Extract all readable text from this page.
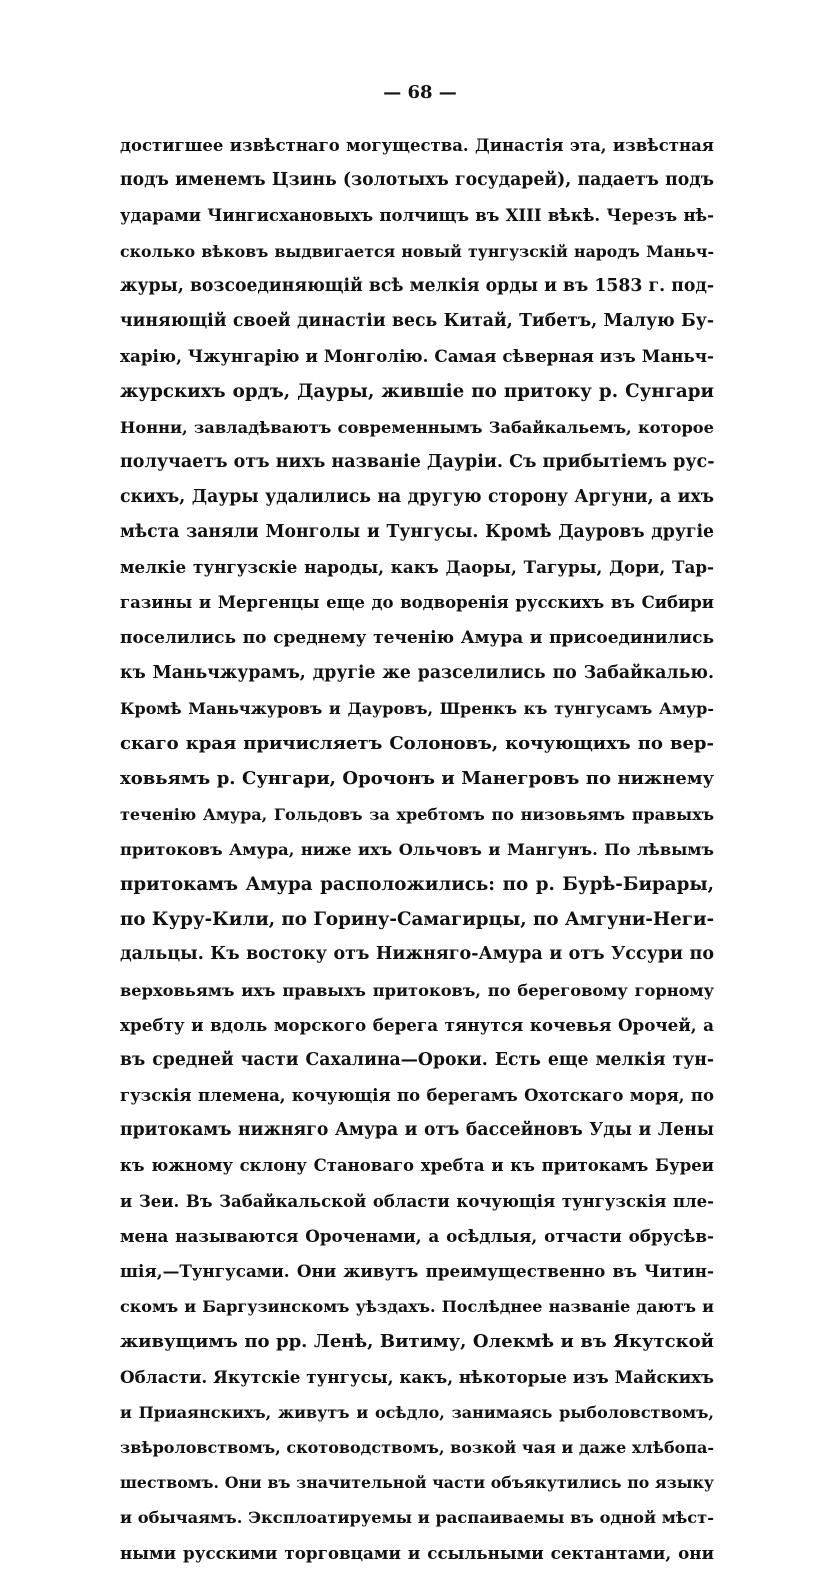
— 68 —
достигшее извѣстнаго могущества. Династія эта, извѣстная
подъ именемъ Цзинь (золотыхъ государей), падаетъ подъ
ударами Чингисхановыхъ полчищъ въ XIII вѣкѣ. Черезъ нѣ-
сколько вѣковъ выдвигается новый тунгузскій народъ Маньч-
журы, возсоединяющій всѣ мелкія орды и въ 1583 г. под-
чиняющій своей династіи весь Китай, Тибетъ, Малую Бу-
харію, Чжунгарію и Монголію. Самая сѣверная изъ Маньч-
журскихъ ордъ, Дауры, жившіе по притоку р. Сунгари
Нонни, завладѣваютъ современнымъ Забайкальемъ, которое
получаетъ отъ нихъ названіе Дауріи. Съ прибытіемъ рус-
скихъ, Дауры удалились на другую сторону Аргуни, а ихъ
мѣста заняли Монголы и Тунгусы. Кромѣ Дауровъ другіе
мелкіе тунгузскіе народы, какъ Даоры, Тагуры, Дори, Тар-
газины и Мергенцы еще до водворенія русскихъ въ Сибири
поселились по среднему теченію Амура и присоединились
къ Маньчжурамъ, другіе же разселились по Забайкалью.
Кромѣ Маньчжуровъ и Дауровъ, Шренкъ къ тунгусамъ Амур-
скаго края причисляетъ Солоновъ, кочующихъ по вер-
ховьямъ р. Сунгари, Орочонъ и Манегровъ по нижнему
теченію Амура, Гольдовъ за хребтомъ по низовьямъ правыхъ
притоковъ Амура, ниже ихъ Ольчовъ и Мангунъ. По лѣвымъ
притокамъ Амура расположились: по р. Бурѣ-Бирары,
по Куру-Кили, по Горину-Самагирцы, по Амгуни-Неги-
дальцы. Къ востоку отъ Нижняго-Амура и отъ Уссури по
верховьямъ ихъ правыхъ притоковъ, по береговому горному
хребту и вдоль морского берега тянутся кочевья Орочей, а
въ средней части Сахалина—Ороки. Есть еще мелкія тун-
гузскія племена, кочующія по берегамъ Охотскаго моря, по
притокамъ нижняго Амура и отъ бассейновъ Уды и Лены
къ южному склону Становаго хребта и къ притокамъ Буреи
и Зеи. Въ Забайкальской области кочующія тунгузскія пле-
мена называются Ороченами, а осѣдлыя, отчасти обрусѣв-
шія,—Тунгусами. Они живутъ преимущественно въ Читин-
скомъ и Баргузинскомъ уѣздахъ. Послѣднее названіе даютъ и
живущимъ по рр. Ленѣ, Витиму, Олекмѣ и въ Якутской
Области. Якутскіе тунгусы, какъ, нѣкоторые изъ Майскихъ
и Приаянскихъ, живутъ и осѣдло, занимаясь рыболовствомъ,
звѣроловствомъ, скотоводствомъ, возкой чая и даже хлѣбопа-
шествомъ. Они въ значительной части объякутились по языку
и обычаямъ. Эксплоатируемы и распаиваемы въ одной мѣст-
ными русскими торговцами и ссыльными сектантами, они
